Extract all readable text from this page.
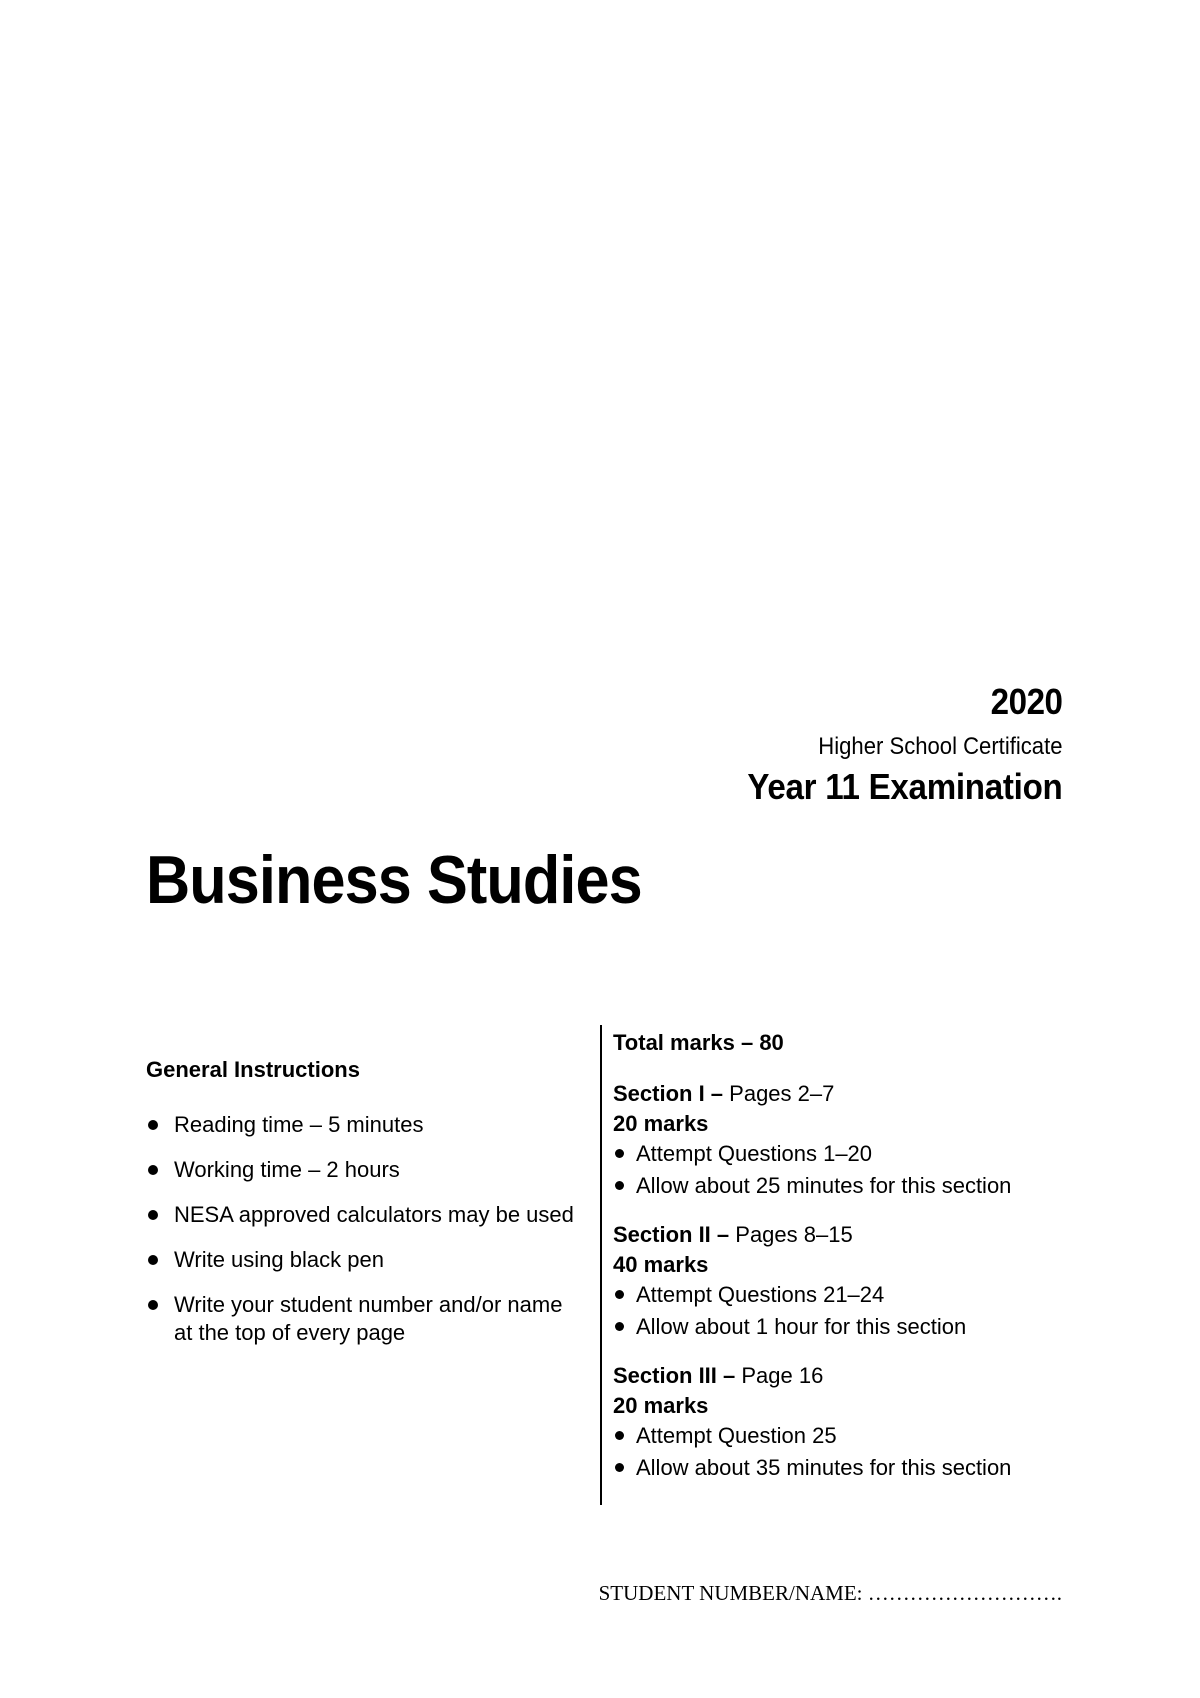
2020
Higher School Certificate
Year 11 Examination
Business Studies
General Instructions
Reading time – 5 minutes
Working time – 2 hours
NESA approved calculators may be used
Write using black pen
Write your student number and/or name at the top of every page
Total marks – 80
Section I – Pages 2–7
20 marks
Attempt Questions 1–20
Allow about 25 minutes for this section
Section II – Pages 8–15
40 marks
Attempt Questions 21–24
Allow about 1 hour for this section
Section III – Page 16
20 marks
Attempt Question 25
Allow about 35 minutes for this section
STUDENT NUMBER/NAME: ……………………….
